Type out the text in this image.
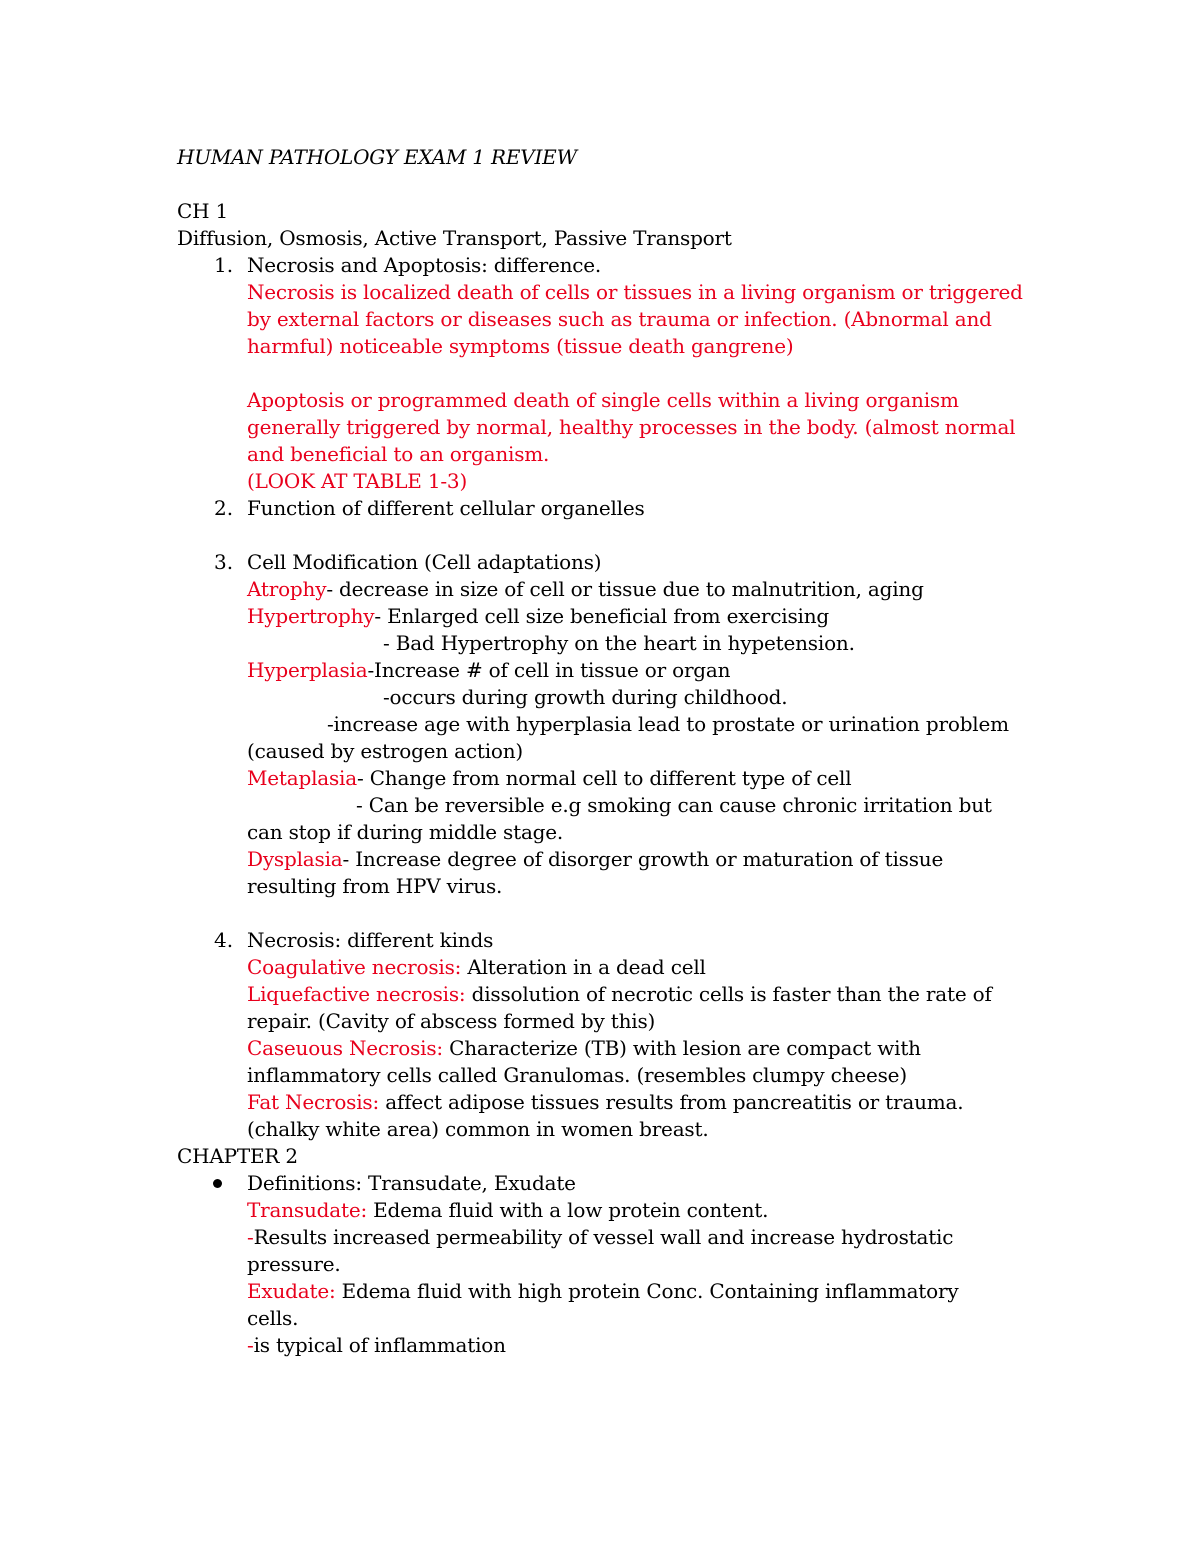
HUMAN PATHOLOGY EXAM 1 REVIEW
CH 1
Diffusion, Osmosis, Active Transport, Passive Transport
1. Necrosis and Apoptosis: difference.
Necrosis is localized death of cells or tissues in a living organism or triggered
by external factors or diseases such as trauma or infection. (Abnormal and
harmful) noticeable symptoms (tissue death gangrene)
Apoptosis or programmed death of single cells within a living organism
generally triggered by normal, healthy processes in the body. (almost normal
and beneficial to an organism.
(LOOK AT TABLE 1-3)
2. Function of different cellular organelles
3. Cell Modification (Cell adaptations)
Atrophy- decrease in size of cell or tissue due to malnutrition, aging
Hypertrophy- Enlarged cell size beneficial from exercising
- Bad Hypertrophy on the heart in hypetension.
Hyperplasia-Increase # of cell in tissue or organ
-occurs during growth during childhood.
-increase age with hyperplasia lead to prostate or urination problem
(caused by estrogen action)
Metaplasia- Change from normal cell to different type of cell
- Can be reversible e.g smoking can cause chronic irritation but
can stop if during middle stage.
Dysplasia- Increase degree of disorger growth or maturation of tissue
resulting from HPV virus.
4. Necrosis: different kinds
Coagulative necrosis: Alteration in a dead cell
Liquefactive necrosis: dissolution of necrotic cells is faster than the rate of
repair. (Cavity of abscess formed by this)
Caseuous Necrosis: Characterize (TB) with lesion are compact with
inflammatory cells called Granulomas. (resembles clumpy cheese)
Fat Necrosis: affect adipose tissues results from pancreatitis or trauma.
(chalky white area) common in women breast.
CHAPTER 2
Definitions: Transudate, Exudate
Transudate: Edema fluid with a low protein content.
-Results increased permeability of vessel wall and increase hydrostatic
pressure.
Exudate: Edema fluid with high protein Conc. Containing inflammatory
cells.
-is typical of inflammation
